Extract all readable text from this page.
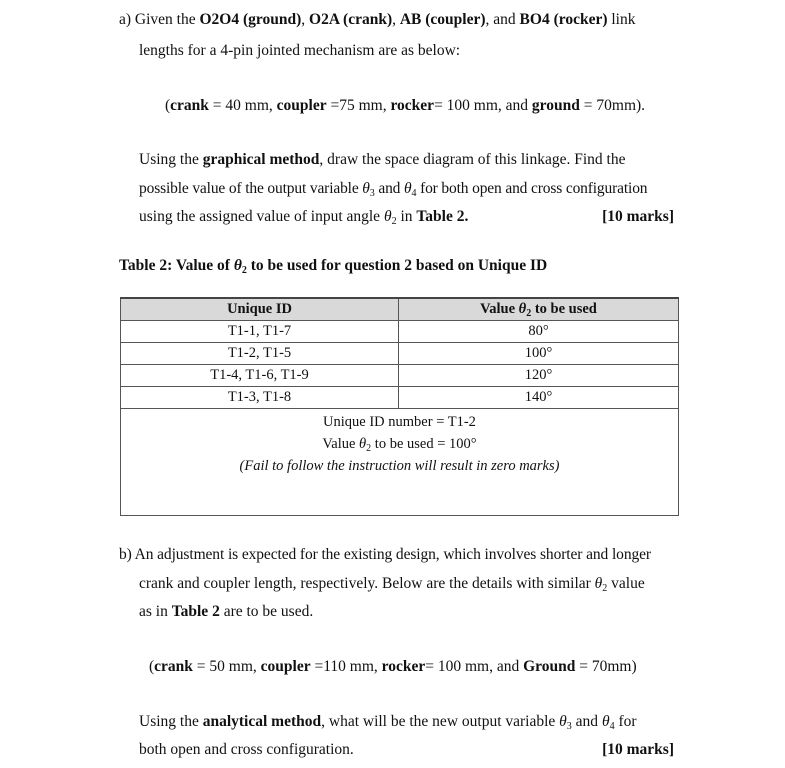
a) Given the O2O4 (ground), O2A (crank), AB (coupler), and BO4 (rocker) link
lengths for a 4-pin jointed mechanism are as below:
(crank = 40 mm, coupler =75 mm, rocker= 100 mm, and ground = 70mm).
Using the graphical method, draw the space diagram of this linkage. Find the
possible value of the output variable $\theta_3$ and $\theta_4$ for both open and cross configuration
using the assigned value of input angle $\theta_2$ in Table 2.	[10 marks]
Table 2: Value of $\theta_2$ to be used for question 2 based on Unique ID
Unique ID	Value $\theta_2$ to be used
T1-1, T1-7	80°
T1-2, T1-5	100°
T1-4, T1-6, T1-9	120°
T1-3, T1-8	140°

Unique ID number = T1-2
Value $\theta_2$ to be used = 100°
(Fail to follow the instruction will result in zero marks)	
b) An adjustment is expected for the existing design, which involves shorter and longer
crank and coupler length, respectively. Below are the details with similar $\theta_2$ value
as in Table 2 are to be used.
(crank = 50 mm, coupler =110 mm, rocker= 100 mm, and Ground = 70mm)
Using the analytical method, what will be the new output variable $\theta_3$ and $\theta_4$ for
both open and cross configuration.	[10 marks]
